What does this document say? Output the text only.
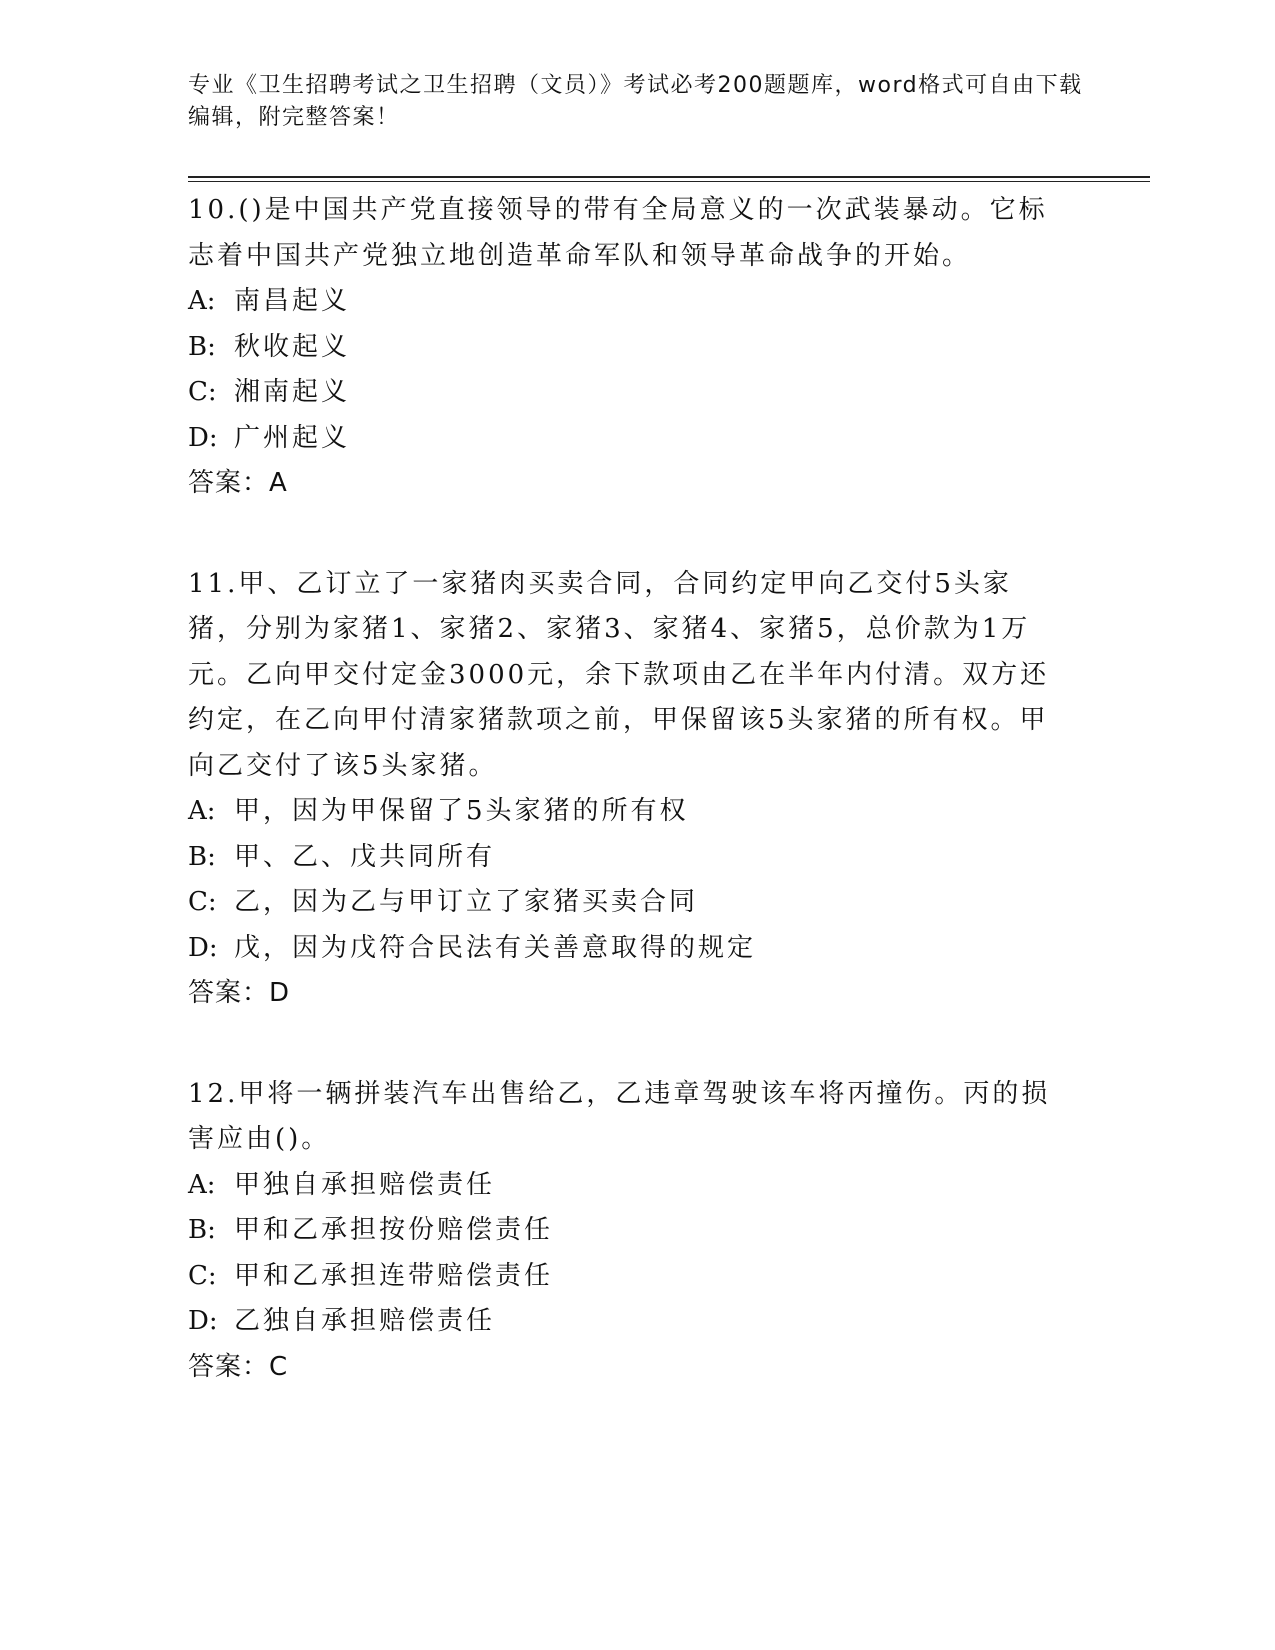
专业《卫生招聘考试之卫生招聘（文员）》考试必考200题题库，word格式可自由下载编辑，附完整答案！
10.()是中国共产党直接领导的带有全局意义的一次武装暴动。它标志着中国共产党独立地创造革命军队和领导革命战争的开始。
A: 南昌起义
B: 秋收起义
C: 湘南起义
D: 广州起义
答案：A
11.甲、乙订立了一家猪肉买卖合同，合同约定甲向乙交付5头家猪，分别为家猪1、家猪2、家猪3、家猪4、家猪5，总价款为1万元。乙向甲交付定金3000元，余下款项由乙在半年内付清。双方还约定，在乙向甲付清家猪款项之前，甲保留该5头家猪的所有权。甲向乙交付了该5头家猪。
A: 甲，因为甲保留了5头家猪的所有权
B: 甲、乙、戊共同所有
C: 乙，因为乙与甲订立了家猪买卖合同
D: 戊，因为戊符合民法有关善意取得的规定
答案：D
12.甲将一辆拼装汽车出售给乙，乙违章驾驶该车将丙撞伤。丙的损害应由()。
A: 甲独自承担赔偿责任
B: 甲和乙承担按份赔偿责任
C: 甲和乙承担连带赔偿责任
D: 乙独自承担赔偿责任
答案：C
